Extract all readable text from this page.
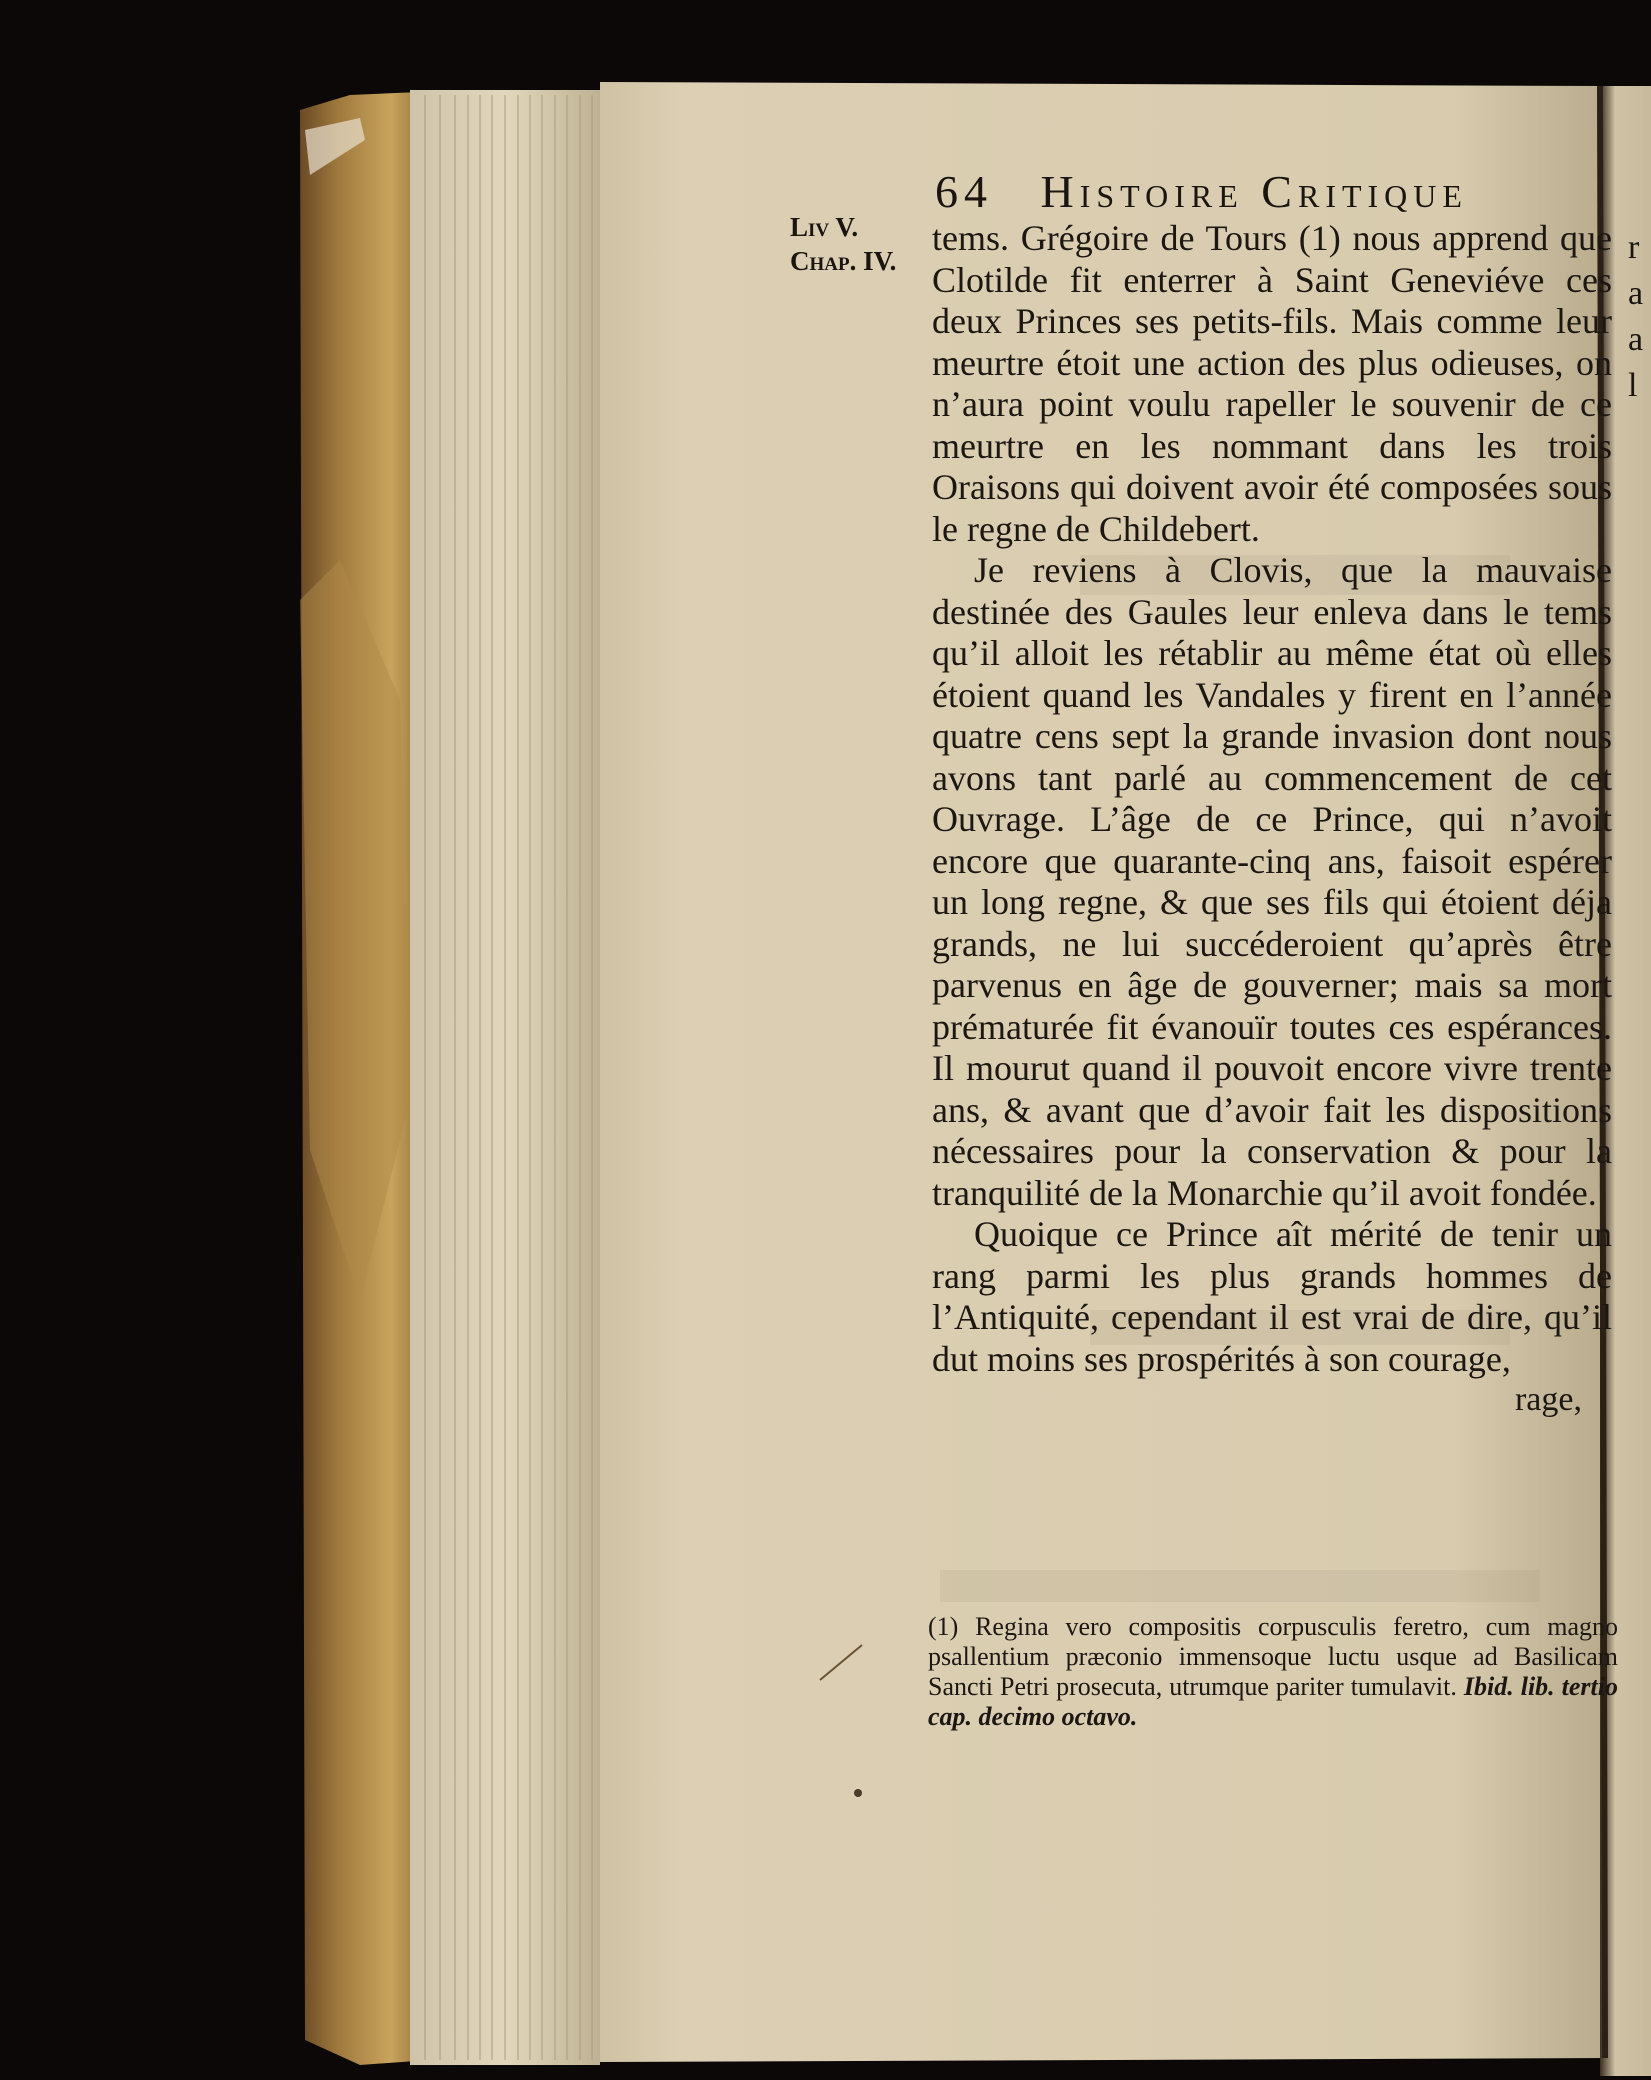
64 Histoire Critique
Liv V.
Chap. IV.

tems. Grégoire de Tours (1) nous apprend que Clotilde fit enterrer à Saint Geneviéve ces deux Princes ses petits-fils. Mais comme leur meurtre étoit une action des plus odieuses, on n’aura point voulu rapeller le souvenir de ce meurtre en les nommant dans les trois Oraisons qui doivent avoir été composées sous le regne de Childebert.

Je reviens à Clovis, que la mauvaise destinée des Gaules leur enleva dans le tems qu’il alloit les rétablir au même état où elles étoient quand les Vandales y firent en l’année quatre cens sept la grande invasion dont nous avons tant parlé au commencement de cet Ouvrage. L’âge de ce Prince, qui n’avoit encore que quarante-cinq ans, faisoit espérer un long regne, & que ses fils qui étoient déja grands, ne lui succéderoient qu’après être parvenus en âge de gouverner; mais sa mort prématurée fit évanouïr toutes ces espérances. Il mourut quand il pouvoit encore vivre trente ans, & avant que d’avoir fait les dispositions nécessaires pour la conservation & pour la tranquilité de la Monarchie qu’il avoit fondée.

Quoique ce Prince aît mérité de tenir un rang parmi les plus grands hommes de l’Antiquité, cependant il est vrai de dire, qu’il dut moins ses prospérités à son courage,

rage,
(1) Regina vero compositis corpusculis feretro, cum magno psallentium præconio immensoque luctu usque ad Basilicam Sancti Petri prosecuta, utrumque pariter tumulavit. Ibid. lib. tertio cap. decimo octavo.
r
a
a
l
